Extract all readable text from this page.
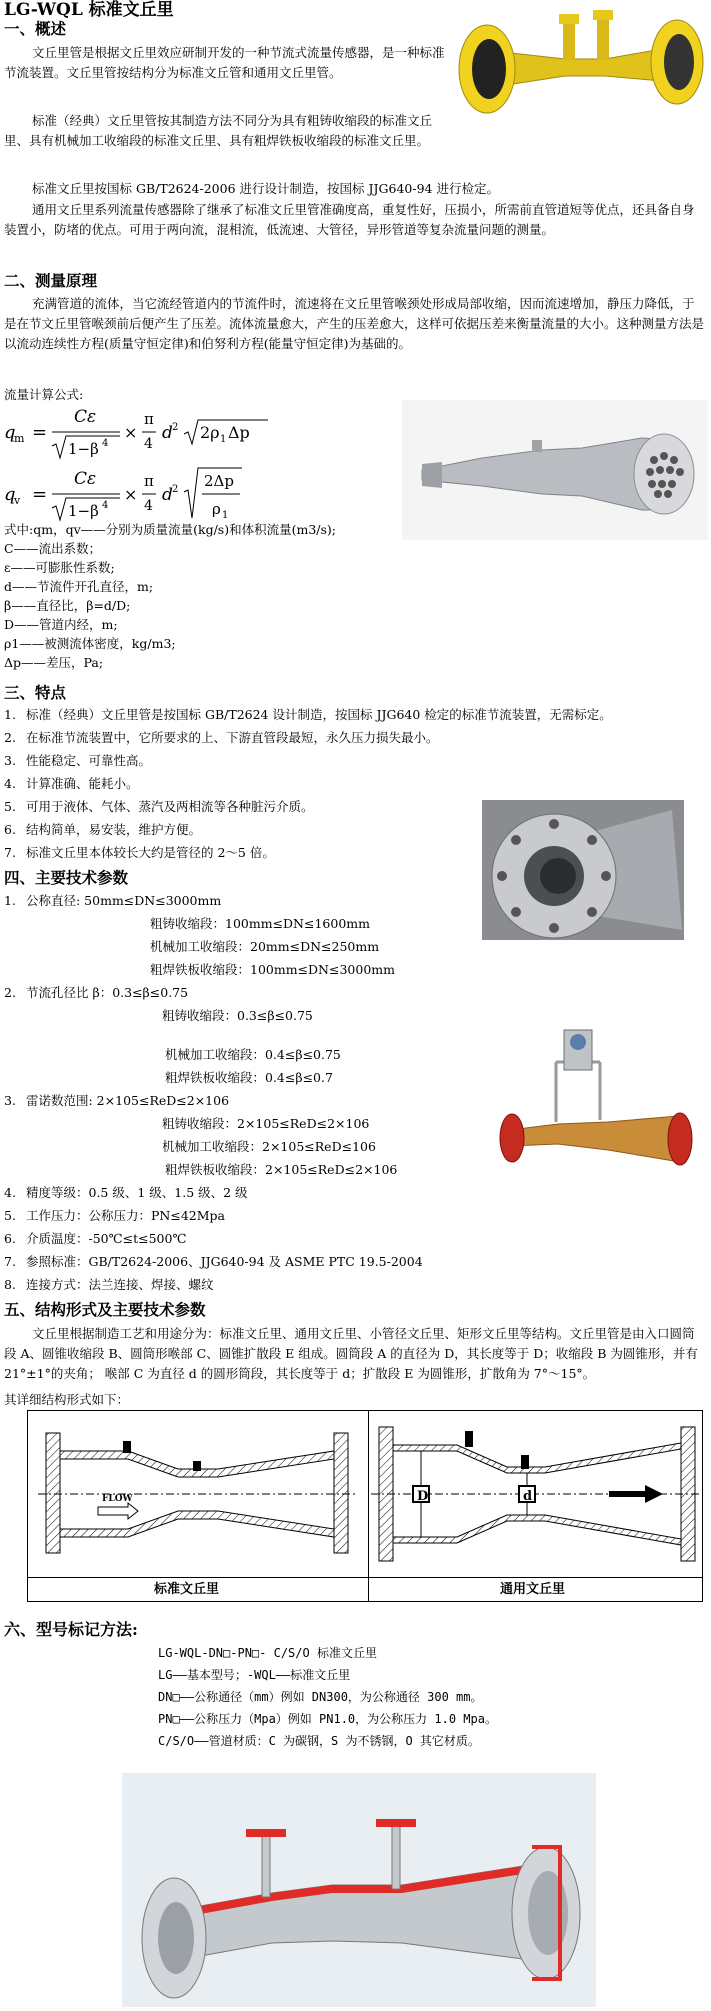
LG-WQL 标准文丘里
一、概述
文丘里管是根据文丘里效应研制开发的一种节流式流量传感器，是一种标准节流装置。文丘里管按结构分为标准文丘管和通用文丘里管。
标准（经典）文丘里管按其制造方法不同分为具有粗铸收缩段的标准文丘里、具有机械加工收缩段的标准文丘里、具有粗焊铁板收缩段的标准文丘里。
标准文丘里按国标 GB/T2624-2006 进行设计制造，按国标 JJG640-94 进行检定。
通用文丘里系列流量传感器除了继承了标准文丘里管准确度高，重复性好，压损小，所需前直管道短等优点，还具备自身装置小，防堵的优点。可用于两向流，混相流，低流速、大管径，异形管道等复杂流量问题的测量。
二、测量原理
充满管道的流体，当它流经管道内的节流件时，流速将在文丘里管喉颈处形成局部收缩，因而流速增加，静压力降低，于是在节文丘里管喉颈前后便产生了压差。流体流量愈大，产生的压差愈大，这样可依据压差来衡量流量的大小。这种测量方法是以流动连续性方程(质量守恒定律)和伯努利方程(能量守恒定律)为基础的。
流量计算公式:
q
m =
Cε
1−β 4
×
π
4
d 2 2ρ 1 Δp
q
v =
Cε
1−β 4
×
π
4
d 2 2Δp
ρ 1
式中:qm，qv——分别为质量流量(kg/s)和体积流量(m3/s);
C——流出系数；
ε——可膨胀性系数;
d——节流件开孔直径，m;
β——直径比，β=d/D;
D——管道内经，m;
ρ1——被测流体密度，kg/m3;
Δp——差压，Pa;
三、特点
1. 标准（经典）文丘里管是按国标 GB/T2624 设计制造，按国标 JJG640 检定的标准节流装置，无需标定。
2. 在标准节流装置中，它所要求的上、下游直管段最短，永久压力损失最小。
3. 性能稳定、可靠性高。
4. 计算准确、能耗小。
5. 可用于液体、气体、蒸汽及两相流等各种脏污介质。
6. 结构简单，易安装，维护方便。
7. 标准文丘里本体较长大约是管径的 2～5 倍。
四、主要技术参数
1. 公称直径: 50mm≤DN≤3000mm
粗铸收缩段：100mm≤DN≤1600mm
机械加工收缩段：20mm≤DN≤250mm
粗焊铁板收缩段：100mm≤DN≤3000mm
2. 节流孔径比 β：0.3≤β≤0.75
粗铸收缩段：0.3≤β≤0.75
机械加工收缩段：0.4≤β≤0.75
粗焊铁板收缩段：0.4≤β≤0.7
3. 雷诺数范围: 2×105≤ReD≤2×106
粗铸收缩段：2×105≤ReD≤2×106
机械加工收缩段：2×105≤ReD≤106
粗焊铁板收缩段：2×105≤ReD≤2×106
4. 精度等级：0.5 级、1 级、1.5 级、2 级
5. 工作压力：公称压力：PN≤42Mpa
6. 介质温度：-50℃≤t≤500℃
7. 参照标准：GB/T2624-2006、JJG640-94 及 ASME PTC 19.5-2004
8. 连接方式：法兰连接、焊接、螺纹
五、结构形式及主要技术参数
文丘里根据制造工艺和用途分为：标准文丘里、通用文丘里、小管径文丘里、矩形文丘里等结构。文丘里管是由入口圆筒段 A、圆锥收缩段 B、圆筒形喉部 C、圆锥扩散段 E 组成。圆筒段 A 的直径为 D，其长度等于 D；收缩段 B 为圆锥形，并有 21°±1°的夹角； 喉部 C 为直径 d 的圆形筒段，其长度等于 d；扩散段 E 为圆锥形，扩散角为 7°～15°。
其详细结构形式如下：
FLOW	D	d
标准文丘里	通用文丘里
六、型号标记方法:
LG-WQL-DN□-PN□- C/S/O 标准文丘里
LG——基本型号；-WQL——标准文丘里
DN□——公称通径（mm）例如 DN300，为公称通径 300 mm。
PN□——公称压力（Mpa）例如 PN1.0，为公称压力 1.0 Mpa。
C/S/O——管道材质：C 为碳钢，S 为不锈钢，O 其它材质。
